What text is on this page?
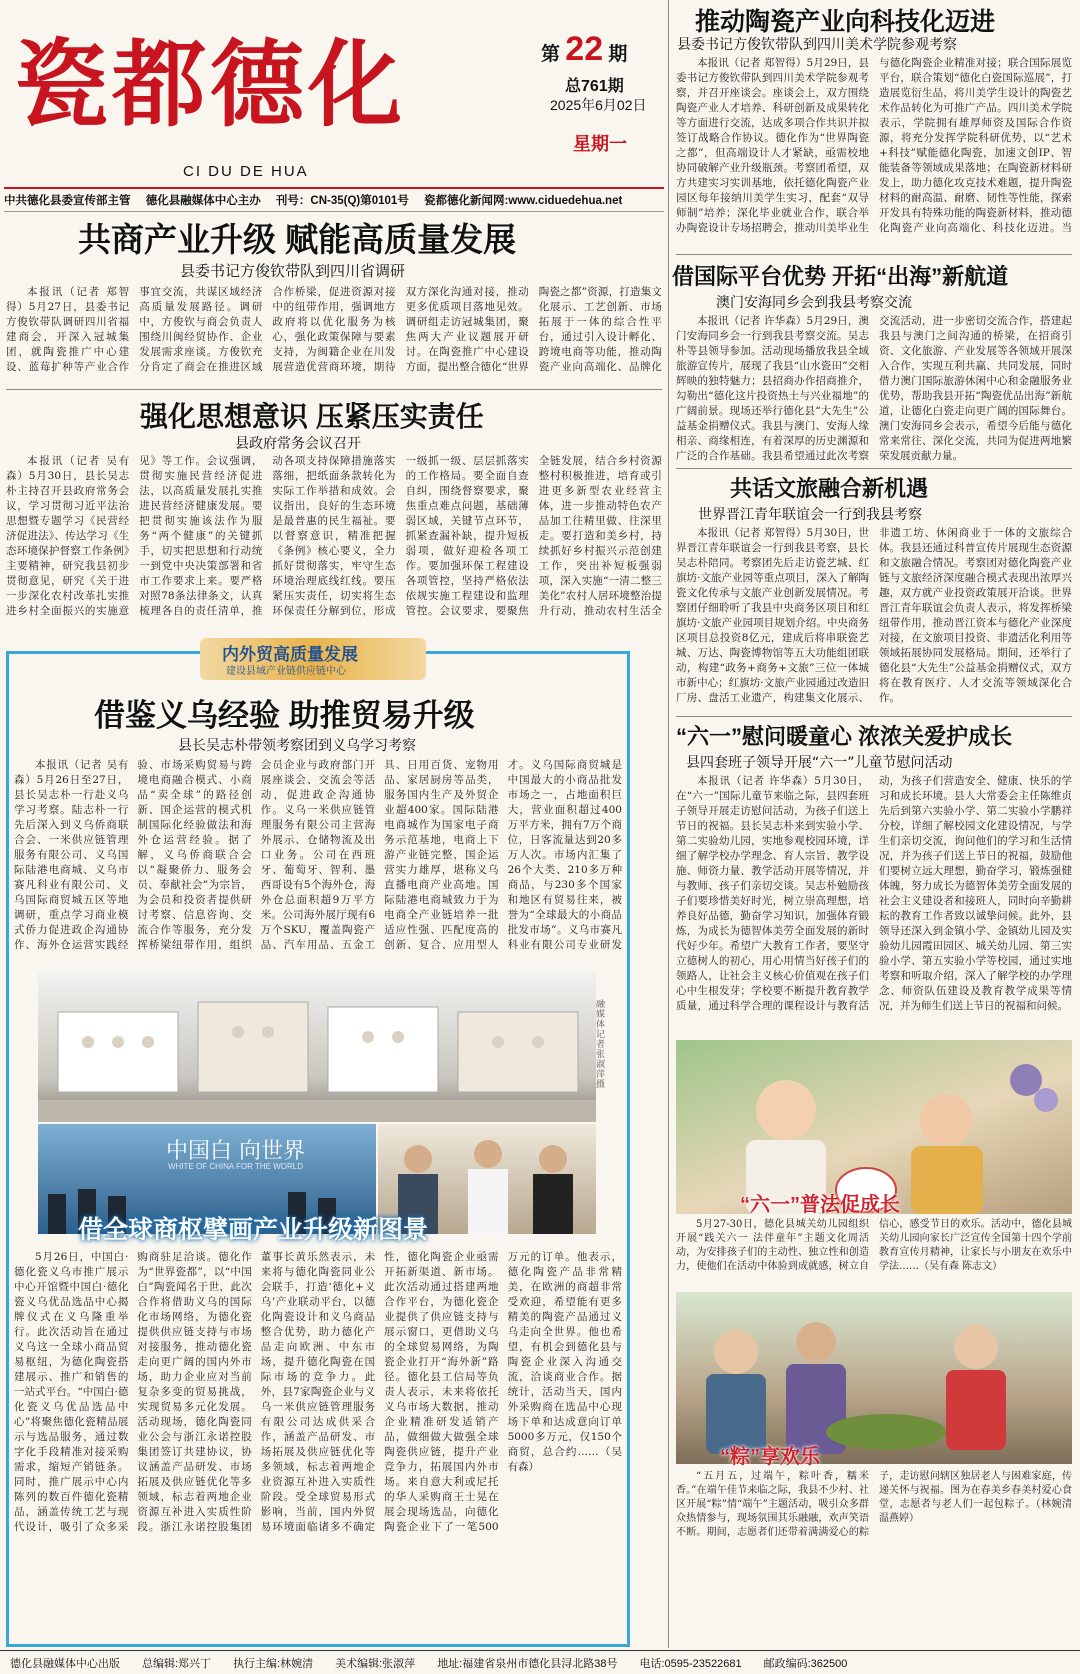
瓷都德化
CI DU DE HUA
第 22 期
总761期
2025年6月02日
星期一
中共德化县委宣传部主管 德化县融媒体中心主办 刊号：CN-35(Q)第0101号 瓷都德化新闻网:www.ciduedehua.net
共商产业升级 赋能高质量发展
县委书记方俊钦带队到四川省调研

本报讯（记者 郑智得）5月27日，县委书记方俊钦带队调研四川省福建商会，开深入冠城集团，就陶瓷推广中心建设、蓝莓扩种等产业合作事宜交流，共谋区域经济高质量发展路径。调研中，方俊钦与商会负责人围绕川闽经贸协作、企业发展需求座谈。方俊钦充分肯定了商会在推进区域合作桥梁，促进资源对接中的纽带作用，强调地方政府将以优化服务为核心，强化政策保障与要素支持，为闽籍企业在川发展营造优营商环境，期待双方深化沟通对接，推动更多优质项目落地见效。调研组走访冠城集团，聚焦两大产业议题展开研讨。在陶瓷推广中心建设方面，提出整合德化“世界陶瓷之都”资源，打造集文化展示、工艺创新、市场拓展于一体的综合性平台，通过引入设计孵化、跨境电商等功能，推动陶瓷产业向高端化、品牌化

强化思想意识 压紧压实责任
县政府常务会议召开

本报讯（记者 吴有森）5月30日，县长吴志朴主持召开县政府常务会议，学习贯彻习近平法治思想暨专题学习《民营经济促进法》、传达学习《生态环境保护督察工作条例》主要精神，研究我县初步贯彻意见，研究《关于进一步深化农村改革扎实推进乡村全面振兴的实施意见》等工作。会议强调，贯彻实施民营经济促进法，以高质量发展扎实推进民营经济健康发展。要把贯彻实施该法作为服务“两个健康”的关键抓手，切实把思想和行动统一到党中央决策部署和省市工作要求上来。要严格对照78条法律条文，认真梳理各自的责任清单，推动各项支持保障措施落实落细，把纸面条款转化为实际工作举措和成效。会议指出，良好的生态环境是最普惠的民生福祉。要以督察意识，精准把握《条例》核心要义，全力抓好贯彻落实，牢守生态环境治理底线红线。要压紧压实责任，切实将生态环保责任分解到位，形成一级抓一级、层层抓落实的工作格局。要全面自查自纠，围绕督察要求，聚焦重点难点问题，基础薄弱区域，关键节点环节，抓紧查漏补缺，提升短板弱项，做好迎检各项工作。要加强环保工程建设各项管控，坚持严格依法依规实施工程建设和监理管控。会议要求，要聚焦全链发展，结合乡村资源整村积极推进，培育或引进更多新型农业经营主体，进一步推动特色农产品加工往精里做、往深里走。要打造和美乡村，持续抓好乡村振兴示范创建工作，突出补短板强弱项，深入实施“一清二整三美化”农村人居环境整治提升行动，推动农村生活全

推动陶瓷产业向科技化迈进
县委书记方俊钦带队到四川美术学院参观考察

本报讯（记者 郑智得）5月29日，县委书记方俊钦带队到四川美术学院参观考察，并召开座谈会。座谈会上，双方围绕陶瓷产业人才培养、科研创新及成果转化等方面进行交流，达成多项合作共识并拟签订战略合作协议。德化作为“世界陶瓷之都”，但高端设计人才紧缺，亟需校地协同破解产业升级瓶颈。考察团希望，双方共建实习实训基地，依托德化陶瓷产业园区每年接纳川美学生实习，配套“双导师制”培养；深化毕业就业合作，联合举办陶瓷设计专场招聘会，推动川美毕业生与德化陶瓷企业精准对接；联合国际展览平台，联合策划“德化白瓷国际巡展”，打造展览衍生品，将川美学生设计的陶瓷艺术作品转化为可推广产品。四川美术学院表示，学院拥有雄厚师资及国际合作资源，将充分发挥学院科研优势，以“艺术+科技”赋能德化陶瓷，加速文创IP、智能装备等领域成果落地；在陶瓷新材料研发上，助力德化攻克技术难题，提升陶瓷材料的耐高温、耐磨、韧性等性能，探索开发具有特殊功能的陶瓷新材料，推动德化陶瓷产业向高端化、科技化迈进。当

借国际平台优势 开拓“出海”新航道
澳门安海同乡会到我县考察交流

本报讯（记者 许华森）5月29日，澳门安海同乡会一行到我县考察交流。吴志朴等县领导参加。活动现场播放我县全域旅游宣传片，展现了我县“山水瓷田”交相辉映的独特魅力；县招商办作招商推介，勾勒出“德化这片投资热土与兴业福地”的广阔前景。现场还举行德化县“大先生”公益基金捐赠仪式。我县与澳门、安海人缘相亲、商缘相连，有着深厚的历史渊源和广泛的合作基础。我县希望通过此次考察交流活动，进一步密切交流合作，搭建起我县与澳门之间沟通的桥梁，在招商引资、文化旅游、产业发展等各领域开展深入合作，实现互利共赢、共同发展，同时借力澳门国际旅游休闲中心和金融服务业优势，帮助我县开拓“陶瓷优品出海”新航道，让德化白瓷走向更广阔的国际舞台。澳门安海同乡会表示，希望今后能与德化常来常往、深化交流，共同为促进两地繁荣发展贡献力量。

共话文旅融合新机遇
世界晋江青年联谊会一行到我县考察

本报讯（记者 郑智得）5月30日，世界晋江青年联谊会一行到我县考察，县长吴志朴陪同。考察团先后走访瓷艺城、红旗坊·文旅产业园等重点项目，深入了解陶瓷文化传承与文旅产业创新发展情况。考察团仔细聆听了我县中央商务区项目和红旗坊·文旅产业园项目规划介绍。中央商务区项目总投资8亿元，建成后将串联瓷艺城、万达、陶瓷博物馆等五大功能组团联动，构建“政务+商务+文旅”三位一体城市新中心；红旗坊·文旅产业园通过改造旧厂房、盘活工业遗产，构建集文化展示、非遗工坊、休闲商业于一体的文旅综合体。我县还通过科普宣传片展现生态资源和文旅融合情况。考察团对德化陶瓷产业链与文旅经济深度融合模式表现出浓厚兴趣，双方就产业投资政策展开洽谈。世界晋江青年联谊会负责人表示，将发挥桥梁纽带作用，推动晋江资本与德化产业深度对接，在文旅项目投资、非遗活化利用等领域拓展协同发展格局。期间，还举行了德化县“大先生”公益基金捐赠仪式，双方将在教育医疗、人才交流等领域深化合作。

“六一”慰问暖童心 浓浓关爱护成长
县四套班子领导开展“六一”儿童节慰问活动

本报讯（记者 许华森）5月30日，在“六一”国际儿童节来临之际，县四套班子领导开展走访慰问活动，为孩子们送上节日的祝福。县长吴志朴来到实验小学、第二实验幼儿园，实地参观校园环境，详细了解学校办学理念、育人宗旨、教学设施、师资力量、教学活动开展等情况，并与教师、孩子们亲切交谈。吴志朴勉励孩子们要珍惜美好时光，树立崇高理想，培养良好品德，勤奋学习知识，加强体育锻炼，为成长为德智体美劳全面发展的新时代好少年。希望广大教育工作者，要坚守立德树人的初心，用心用情当好孩子们的领路人，让社会主义核心价值观在孩子们心中生根发芽；学校要不断提升教育教学质量，通过科学合理的课程设计与教育活动，为孩子们营造安全、健康、快乐的学习和成长环境。县人大常委会主任陈维贞先后到第六实验小学、第二实验小学鹏祥分校，详细了解校园文化建设情况，与学生们亲切交流，询问他们的学习和生活情况，并为孩子们送上节日的祝福，鼓励他们要树立远大理想，勤奋学习，锻炼强健体魄，努力成长为德智体美劳全面发展的社会主义建设者和接班人，同时向辛勤耕耘的教育工作者致以诚挚问候。此外，县领导还深入到金镇小学、金镇幼儿园及实验幼儿园霞田园区、城关幼儿园、第三实验小学、第五实验小学等校园，通过实地考察和听取介绍，深入了解学校的办学理念、师资队伍建设及教育教学成果等情况，并为师生们送上节日的祝福和问候。

“六一”普法促成长

5月27-30日，德化县城关幼儿园组织开展“践关六一 法伴童年”主题文化周活动，为安排孩子们的主动性、独立性和创造力，使他们在活动中体验到成就感，树立自信心，感受节日的欢乐。活动中，德化县城关幼儿园向家长广泛宣传全国第十四个学前教育宣传月精神，让家长与小朋友在欢乐中学法……（吴有森 陈志文）

“粽”享欢乐

“五月五，过端午，粽叶香，糯米香。”在端午佳节来临之际，我县不少村、社区开展“粽”情“端午”主题活动，吸引众多群众热情参与，现场氛围其乐融融，欢声笑语不断。期间，志愿者们还带着满满爱心的粽子，走访慰问辖区独居老人与困难家庭，传递关怀与祝福。图为在春美乡春美村爱心食堂，志愿者与老人们一起包粽子。（林婉清 温燕婷）

内外贸高质量发展
建设县域产业链供应链中心
借鉴义乌经验 助推贸易升级
县长吴志朴带领考察团到义乌学习考察

本报讯（记者 吴有森）5月26日至27日，县长吴志朴一行赴义乌学习考察。陆志朴一行先后深入到义乌侨商联合会、一米供应链管理服务有限公司、义乌国际陆港电商城、义乌市赛凡科业有限公司、义乌国际商贸城五区等地调研，重点学习商业模式侨力促进政企沟通协作、海外仓运营实践经验、市场采购贸易与跨境电商融合模式、小商品“卖全球”的路径创新、国企运营的模式机制国际化经验做法和海外仓运营经验。据了解，义乌侨商联合会以“凝聚侨力、服务会员、奉献社会”为宗旨，为会员和投资者提供研讨考察、信息咨询、交流合作等服务，充分发挥桥梁纽带作用，组织会员企业与政府部门开展座谈会、交流会等活动，促进政企沟通协作。义乌一米供应链管理服务有限公司主营海外展示、仓储物流及出口业务。公司在西班牙、葡萄牙、智利、墨西哥设有5个海外仓，海外仓总面积超9万平方米。公司海外展厅现有6万个SKU，覆盖陶瓷产品、汽车用品、五金工具、日用百货、宠物用品、家居厨房等品类，服务国内生产及外贸企业超400家。国际陆港电商城作为国家电子商务示范基地，电商上下游产业链完整，国企运营实力雄厚，堪称义乌直播电商产业高地。国际陆港电商城致力于为电商全产业链培养一批适应性强、匹配度高的创新、复合、应用型人才。义乌国际商贸城是中国最大的小商品批发市场之一，占地面积巨大，营业面积超过400万平方米，拥有7万个商位，日客流量达到20多万人次。市场内汇集了26个大类、210多万种商品，与230多个国家和地区有贸易往来，被誉为“全球最大的小商品批发市场”。义乌市赛凡科业有限公司专业研发

中国白 向世界
WHITE OF CHINA FOR THE WORLD
借全球商枢擘画产业升级新图景
融媒体记者 张淑萍 摄

5月26日，中国白·德化瓷义乌市推广展示中心开馆暨中国白·德化瓷义乌优品选品中心揭牌仪式在义乌隆重举行。此次活动旨在通过义乌这一全球小商品贸易枢纽，为德化陶瓷搭建展示、推广和销售的一站式平台。“中国白·德化瓷义乌优品选品中心”将聚焦德化瓷精品展示与选品服务，通过数字化手段精准对接采购需求，缩短产销链条。同时，推广展示中心内陈列的数百件德化瓷精品，涵盖传统工艺与现代设计，吸引了众多采购商驻足洽谈。德化作为“世界瓷都”，以“中国白”陶瓷闻名于世，此次合作将借助义乌的国际化市场网络，为德化瓷提供供应链支持与市场对接服务，推动德化瓷走向更广阔的国内外市场，助力企业应对当前复杂多变的贸易挑战，实现贸易多元化发展。活动现场，德化陶瓷同业公会与浙江永诺控股集团签订共建协议，协议涵盖产品研发、市场拓展及供应链优化等多领域，标志着两地企业资源互补进入实质性阶段。浙江永诺控股集团董事长黄乐然表示，未来将与德化陶瓷同业公会联手，打造‘德化+义乌’产业联动平台，以德化陶瓷设计和义乌商品整合优势，助力德化产品走向欧洲、中东市场，提升德化陶瓷在国际市场的竞争力。此外，县7家陶瓷企业与义乌一米供应链管理服务有限公司达成供采合作，涵盖产品研发、市场拓展及供应链优化等多领域，标志着两地企业资源互补进入实质性阶段。受全球贸易形式影响，当前，国内外贸易环境面临诸多不确定性，德化陶瓷企业亟需开拓新渠道、新市场。此次活动通过搭建两地合作平台，为德化瓷企业提供了供应链支持与展示窗口，更借助义乌的全球贸易网络，为陶瓷企业打开“海外新”路径。德化县工信局等负责人表示，未来将依托义乌市场大数据，推动企业精准研发适销产品，做细做大做强全球陶瓷供应链，提升产业竞争力，拓展国内外市场。来自意大利或尼托的华人采购商王士晃在展会现场选品，向德化陶瓷企业下了一笔500万元的订单。他表示，德化陶瓷产品非常精美，在欧洲的商超非常受欢迎，希望能有更多精美的陶瓷产品通过义乌走向全世界。他也希望，有机会到德化县与陶瓷企业深入沟通交流，洽谈商业合作。据统计，活动当天，国内外采购商在选品中心现场下单和达成意向订单5000多万元，仅150个商贸，总合约……（吴有森）

德化县融媒体中心出版 总编辑:郑兴丁 执行主编:林婉清 美术编辑:张淑萍 地址:福建省泉州市德化县浔北路38号 电话:0595-23522681 邮政编码:362500
